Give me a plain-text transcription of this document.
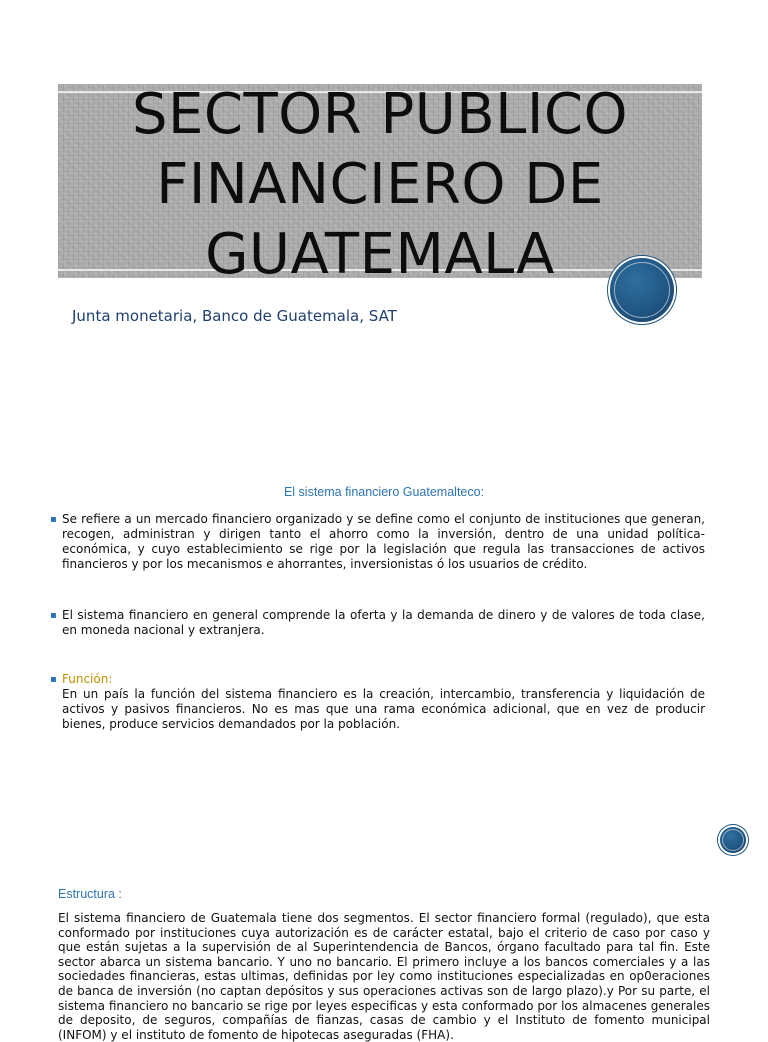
SECTOR PUBLICO
FINANCIERO DE
GUATEMALA
Junta monetaria, Banco de Guatemala, SAT
El sistema financiero Guatemalteco:
▪ Se refiere a un mercado financiero organizado y se define como el conjunto de instituciones que generan, recogen, administran y dirigen tanto el ahorro como la inversión, dentro de una unidad política-económica, y cuyo establecimiento se rige por la legislación que regula las transacciones de activos financieros y por los mecanismos e ahorrantes, inversionistas ó los usuarios de crédito.
▪ El sistema financiero en general comprende la oferta y la demanda de dinero y de valores de toda clase, en moneda nacional y extranjera.
▪ Función:
En un país la función del sistema financiero es la creación, intercambio, transferencia y liquidación de activos y pasivos financieros. No es mas que una rama económica adicional, que en vez de producir bienes, produce servicios demandados por la población.
Estructura :
El sistema financiero de Guatemala tiene dos segmentos. El sector financiero formal (regulado), que esta conformado por instituciones cuya autorización es de carácter estatal, bajo el criterio de caso por caso y que están sujetas a la supervisión de al Superintendencia de Bancos, órgano facultado para tal fin. Este sector abarca un sistema bancario. Y uno no bancario. El primero incluye a los bancos comerciales y a las sociedades financieras, estas ultimas, definidas por ley como instituciones especializadas en op0eraciones de banca de inversión (no captan depósitos y sus operaciones activas son de largo plazo).y Por su parte, el sistema financiero no bancario se rige por leyes especificas y esta conformado por los almacenes generales de deposito, de seguros, compañías de fianzas, casas de cambio y el Instituto de fomento municipal (INFOM) y el instituto de fomento de hipotecas aseguradas (FHA).
